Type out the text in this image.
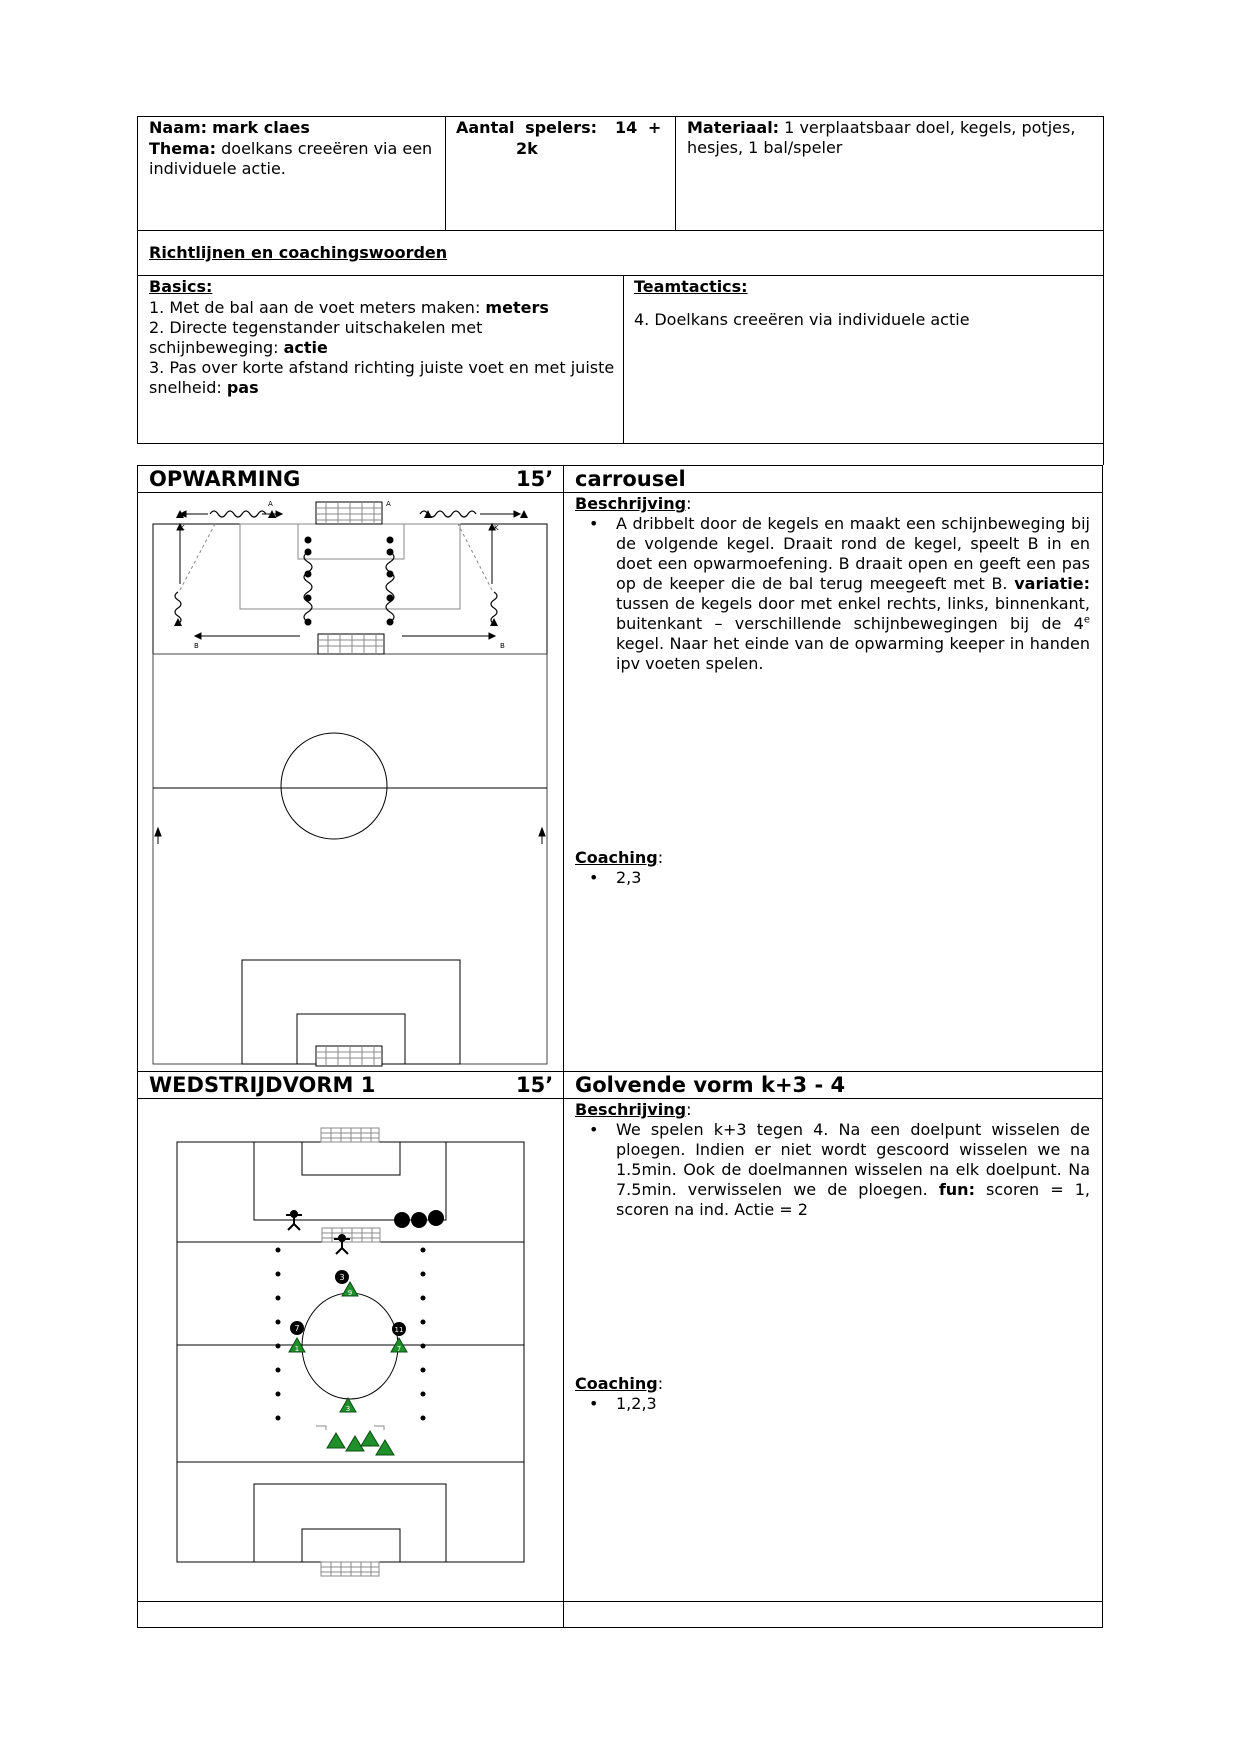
Naam: mark claes
Thema: doelkans creeëren via een individuele actie.
Aantal spelers: 14 +
2k
Materiaal: 1 verplaatsbaar doel, kegels, potjes, hesjes, 1 bal/speler
Richtlijnen en coachingswoorden
Basics:
1. Met de bal aan de voet meters maken: meters
2. Directe tegenstander uitschakelen met schijnbeweging: actie
3. Pas over korte afstand richting juiste voet en met juiste snelheid: pas
Teamtactics:
4. Doelkans creeëren via individuele actie
OPWARMING	15’ carrousel
Beschrijving:
• A dribbelt door de kegels en maakt een schijnbeweging bij de volgende kegel. Draait rond de kegel, speelt B in en doet een opwarmoefening. B draait open en geeft een pas op de keeper die de bal terug meegeeft met B. variatie: tussen de kegels door met enkel rechts, links, binnenkant, buitenkant – verschillende schijnbewegingen bij de 4e kegel. Naar het einde van de opwarming keeper in handen ipv voeten spelen.
Coaching:
• 2,3
A	A
B	B
K	K
WEDSTRIJDVORM 1	15’ Golvende vorm k+3 - 4
Beschrijving:
• We spelen k+3 tegen 4. Na een doelpunt wisselen de ploegen. Indien er niet wordt gescoord wisselen we na 1.5min. Ook de doelmannen wisselen na elk doelpunt. Na 7.5min. verwisselen we de ploegen. fun: scoren = 1, scoren na ind. Actie = 2
Coaching:
• 1,2,3
3
7	11
9
1	7
3
